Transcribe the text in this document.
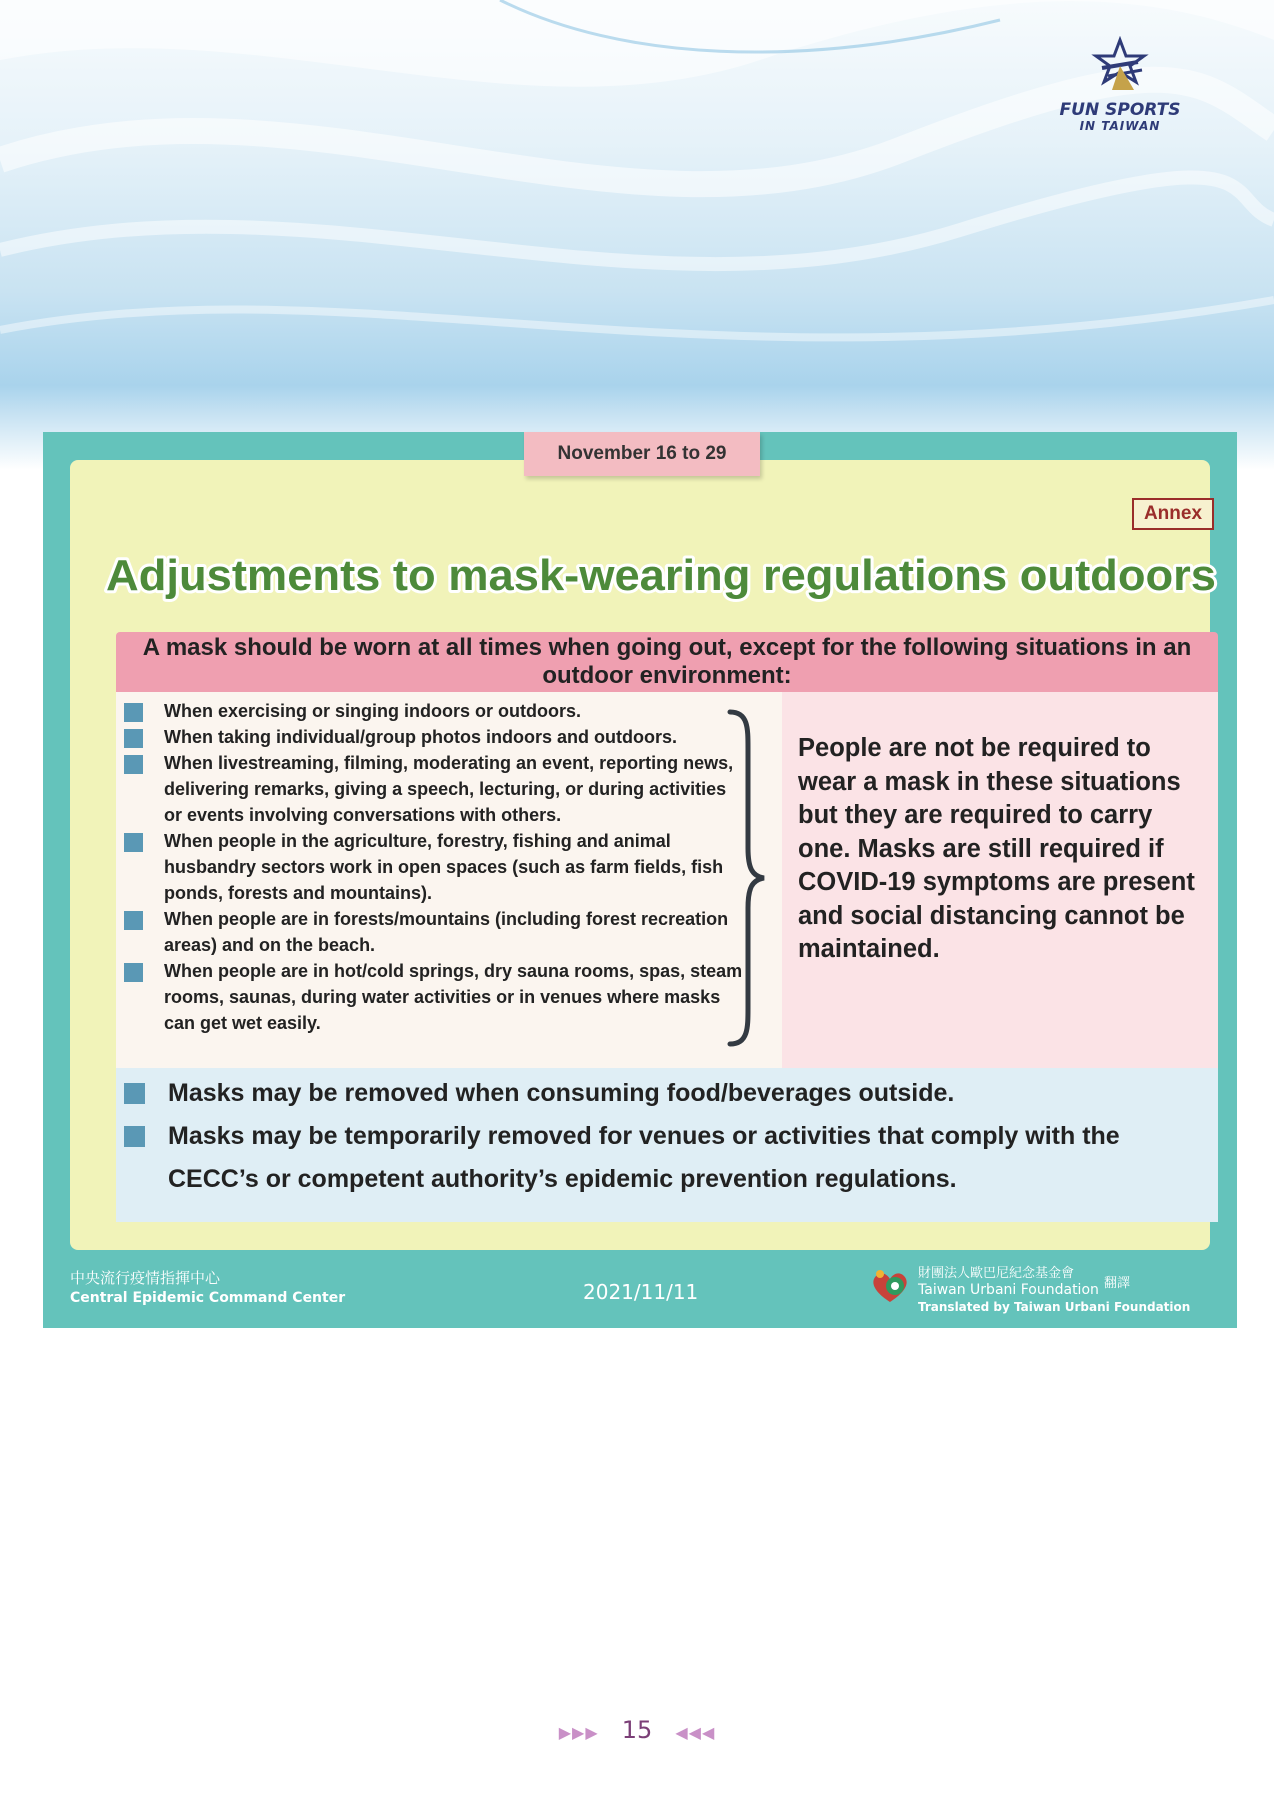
FUN SPORTS
IN TAIWAN
Annex
Adjustments to mask-wearing regulations outdoors
A mask should be worn at all times when going out, except for the following situations in an outdoor environment:
When exercising or singing indoors or outdoors.
When taking individual/group photos indoors and outdoors.
When livestreaming, filming, moderating an event, reporting news, delivering remarks, giving a speech, lecturing, or during activities or events involving conversations with others.
When people in the agriculture, forestry, fishing and animal husbandry sectors work in open spaces (such as farm fields, fish ponds, forests and mountains).
When people are in forests/mountains (including forest recreation areas) and on the beach.
When people are in hot/cold springs, dry sauna rooms, spas, steam rooms, saunas, during water activities or in venues where masks can get wet easily.
People are not be required to wear a mask in these situations but they are required to carry one. Masks are still required if COVID-19 symptoms are present and social distancing cannot be maintained.
Masks may be removed when consuming food/beverages outside.
Masks may be temporarily removed for venues or activities that comply with the CECC’s or competent authority’s epidemic prevention regulations.
November 16 to 29
中央流行疫情指揮中心
Central Epidemic Command Center	2021/11/11
財團法人歐巴尼紀念基金會
Taiwan Urbani Foundation
Translated by Taiwan Urbani Foundation
翻譯
▶▶▶ 15 ◀◀◀
